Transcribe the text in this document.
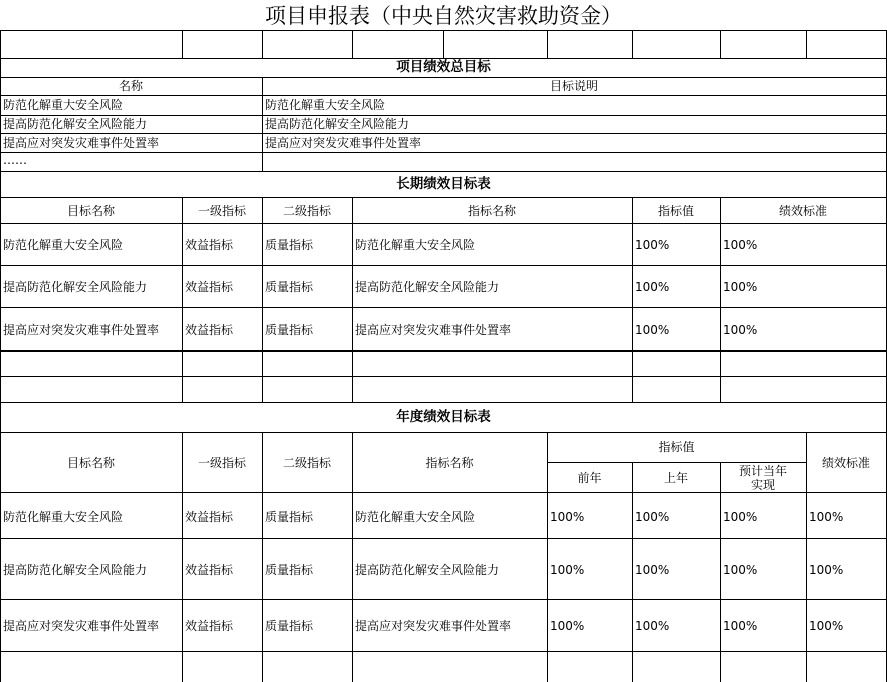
项目申报表（中央自然灾害救助资金）
项目绩效总目标
名称	目标说明
防范化解重大安全风险	防范化解重大安全风险
提高防范化解安全风险能力	提高防范化解安全风险能力
提高应对突发灾难事件处置率	提高应对突发灾难事件处置率
……
长期绩效目标表
目标名称	一级指标	二级指标	指标名称	指标值	绩效标准
防范化解重大安全风险	效益指标	质量指标	防范化解重大安全风险	100%	100%
提高防范化解安全风险能力	效益指标	质量指标	提高防范化解安全风险能力	100%	100%
提高应对突发灾难事件处置率 效益指标	质量指标	提高应对突发灾难事件处置率	100%	100%
年度绩效目标表
目标名称	一级指标	二级指标	指标名称
指标值
前年	上年	预计当年
实现
绩效标准
防范化解重大安全风险	效益指标	质量指标	防范化解重大安全风险	100%	100%	100%	100%
提高防范化解安全风险能力	效益指标	质量指标	提高防范化解安全风险能力	100%	100%	100%	100%
提高应对突发灾难事件处置率 效益指标	质量指标	提高应对突发灾难事件处置率	100%	100%	100%	100%
